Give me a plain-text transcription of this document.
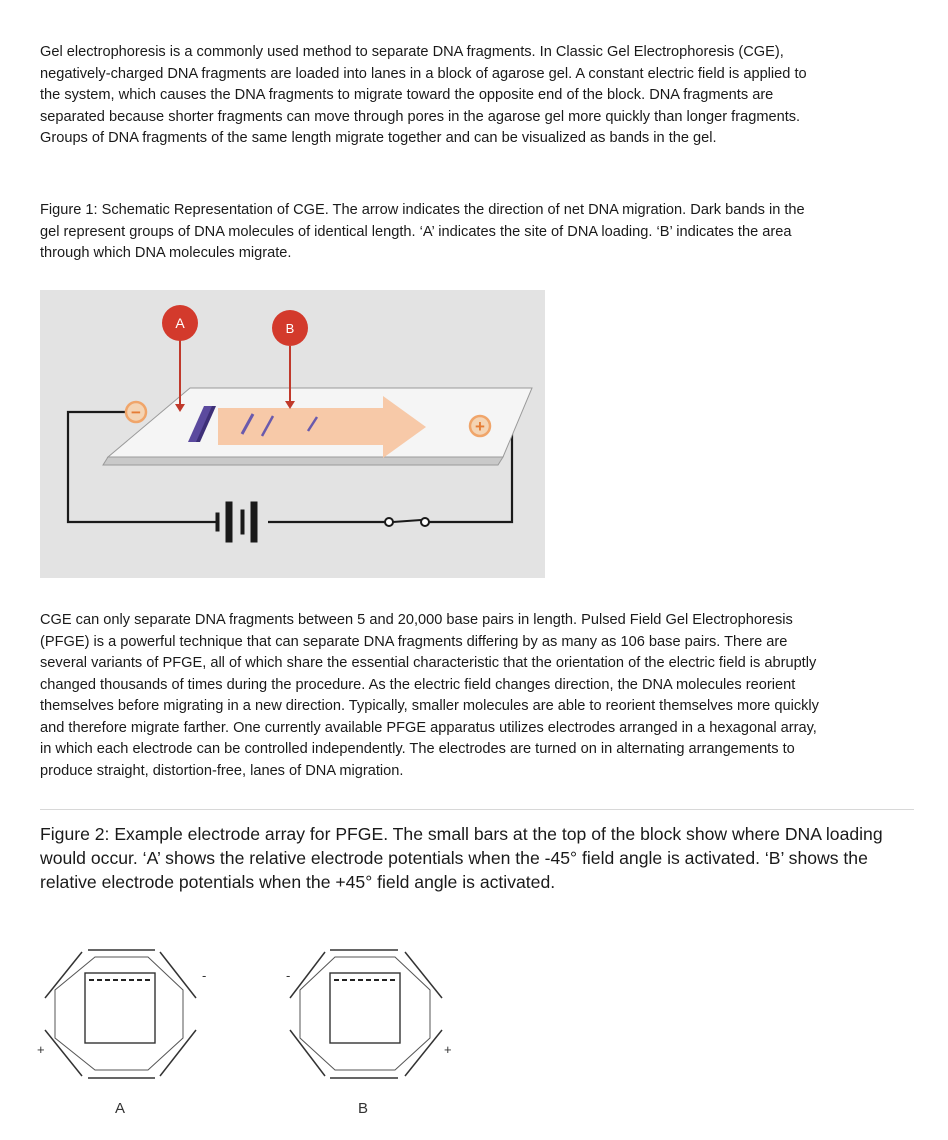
Gel electrophoresis is a commonly used method to separate DNA fragments. In Classic Gel Electrophoresis (CGE), negatively-charged DNA fragments are loaded into lanes in a block of agarose gel. A constant electric field is applied to the system, which causes the DNA fragments to migrate toward the opposite end of the block. DNA fragments are separated because shorter fragments can move through pores in the agarose gel more quickly than longer fragments. Groups of DNA fragments of the same length migrate together and can be visualized as bands in the gel.

Figure 1: Schematic Representation of CGE. The arrow indicates the direction of net DNA migration. Dark bands in the gel represent groups of DNA molecules of identical length. ‘A’ indicates the site of DNA loading. ‘B’ indicates the area through which DNA molecules migrate.

−
+
A	B

CGE can only separate DNA fragments between 5 and 20,000 base pairs in length. Pulsed Field Gel Electrophoresis (PFGE) is a powerful technique that can separate DNA fragments differing by as many as 106 base pairs. There are several variants of PFGE, all of which share the essential characteristic that the orientation of the electric field is abruptly changed thousands of times during the procedure. As the electric field changes direction, the DNA molecules reorient themselves before migrating in a new direction. Typically, smaller molecules are able to reorient themselves more quickly and therefore migrate farther. One currently available PFGE apparatus utilizes electrodes arranged in a hexagonal array, in which each electrode can be controlled independently. The electrodes are turned on in alternating arrangements to produce straight, distortion-free, lanes of DNA migration.

Figure 2: Example electrode array for PFGE. The small bars at the top of the block show where DNA loading would occur. ‘A’ shows the relative electrode potentials when the -45° field angle is activated. ‘B’ shows the relative electrode potentials when the +45° field angle is activated.

-
+
A
-
+
B
